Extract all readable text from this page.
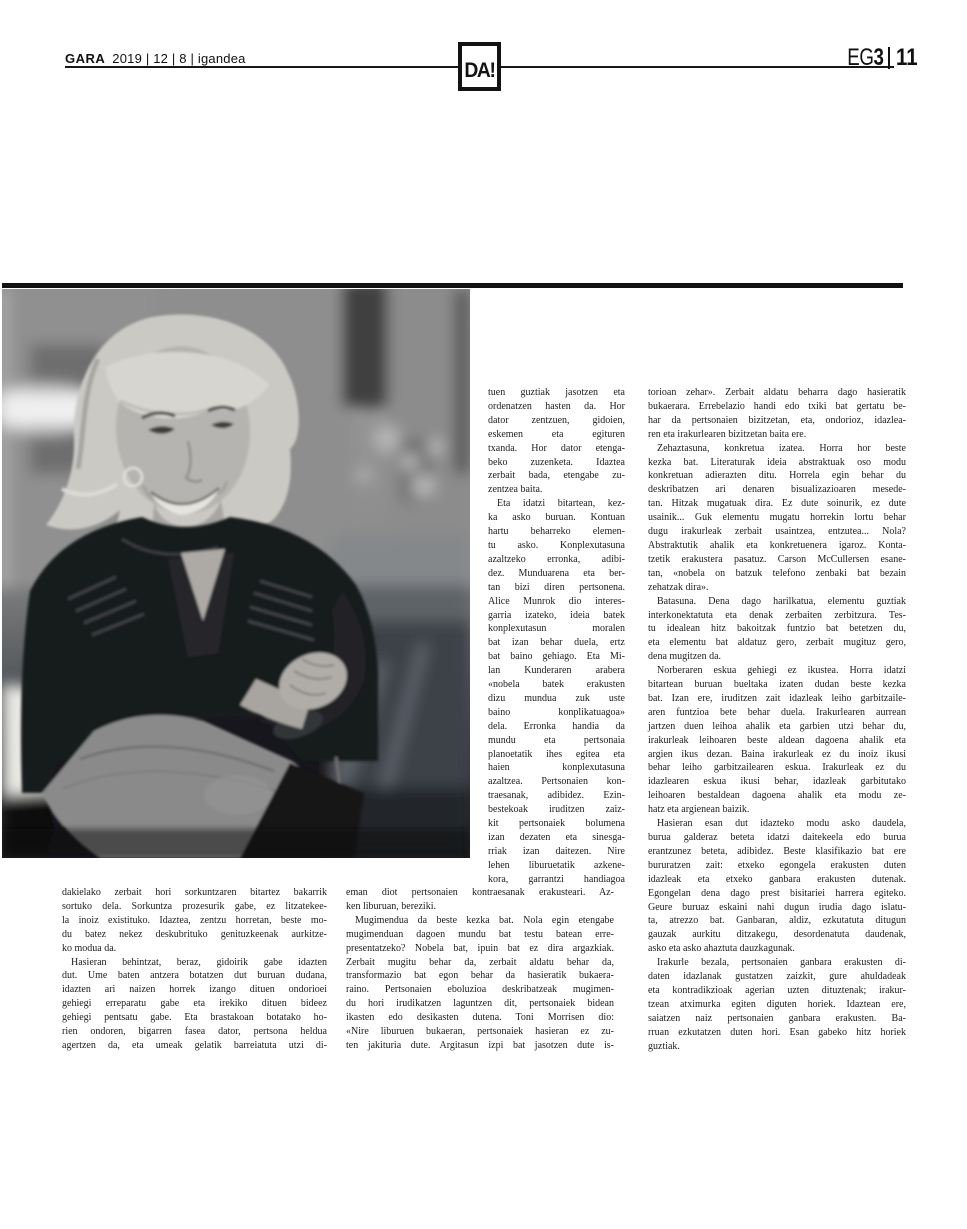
GARA 2019 | 12 | 8 | igandea
DA!	EG3 11
dakielako zerbait hori sorkuntzaren bitartez bakarrik
sortuko dela. Sorkuntza prozesurik gabe, ez litzatekee-
la inoiz existituko. Idaztea, zentzu horretan, beste mo-
du batez nekez deskubrituko genituzkeenak aurkitze-
ko modua da.
Hasieran behintzat, beraz, gidoirik gabe idazten
dut. Ume baten antzera botatzen dut buruan dudana,
idazten ari naizen horrek izango dituen ondorioei
gehiegi erreparatu gabe eta irekiko dituen bideez
gehiegi pentsatu gabe. Eta brastakoan botatako ho-
rien ondoren, bigarren fasea dator, pertsona heldua
agertzen da, eta umeak gelatik barreiatuta utzi di-
tuen guztiak jasotzen eta
ordenatzen hasten da. Hor
dator zentzuen, gidoien,
eskemen eta egituren
txanda. Hor dator etenga-
beko zuzenketa. Idaztea
zerbait bada, etengabe zu-
zentzea baita.
Eta idatzi bitartean, kez-
ka asko buruan. Kontuan
hartu beharreko elemen-
tu asko. Konplexutasuna
azaltzeko erronka, adibi-
dez. Munduarena eta ber-
tan bizi diren pertsonena.
Alice Munrok dio interes-
garria izateko, ideia batek
konplexutasun moralen
bat izan behar duela, ertz
bat baino gehiago. Eta Mi-
lan Kunderaren arabera
«nobela batek erakusten
dizu mundua zuk uste
baino konplikatuagoa»
dela. Erronka handia da
mundu eta pertsonaia
planoetatik ihes egitea eta
haien konplexutasuna
azaltzea. Pertsonaien kon-
traesanak, adibidez. Ezin-
bestekoak iruditzen zaiz-
kit pertsonaiek bolumena
izan dezaten eta sinesga-
rriak izan daitezen. Nire
lehen liburuetatik azkene-
kora, garrantzi handiagoa
eman diot pertsonaien kontraesanak erakusteari. Az-
ken liburuan, bereziki.
Mugimendua da beste kezka bat. Nola egin etengabe
mugimenduan dagoen mundu bat testu batean erre-
presentatzeko? Nobela bat, ipuin bat ez dira argazkiak.
Zerbait mugitu behar da, zerbait aldatu behar da,
transformazio bat egon behar da hasieratik bukaera-
raino. Pertsonaien eboluzioa deskribatzeak mugimen-
du hori irudikatzen laguntzen dit, pertsonaiek bidean
ikasten edo desikasten dutena. Toni Morrisen dio:
«Nire liburuen bukaeran, pertsonaiek hasieran ez zu-
ten jakituria dute. Argitasun izpi bat jasotzen dute is-
torioan zehar». Zerbait aldatu beharra dago hasieratik
bukaerara. Errebelazio handi edo txiki bat gertatu be-
har da pertsonaien bizitzetan, eta, ondorioz, idazlea-
ren eta irakurlearen bizitzetan baita ere.
Zehaztasuna, konkretua izatea. Horra hor beste
kezka bat. Literaturak ideia abstraktuak oso modu
konkretuan adierazten ditu. Horrela egin behar du
deskribatzen ari denaren bisualizazioaren mesede-
tan. Hitzak mugatuak dira. Ez dute soinurik, ez dute
usainik... Guk elementu mugatu horrekin lortu behar
dugu irakurleak zerbait usaintzea, entzutea... Nola?
Abstraktutik ahalik eta konkretuenera igaroz. Konta-
tzetik erakustera pasatuz. Carson McCullersen esane-
tan, «nobela on batzuk telefono zenbaki bat bezain
zehatzak dira».
Batasuna. Dena dago harilkatua, elementu guztiak
interkonektatuta eta denak zerbaiten zerbitzura. Tes-
tu idealean hitz bakoitzak funtzio bat betetzen du,
eta elementu bat aldatuz gero, zerbait mugituz gero,
dena mugitzen da.
Norberaren eskua gehiegi ez ikustea. Horra idatzi
bitartean buruan bueltaka izaten dudan beste kezka
bat. Izan ere, iruditzen zait idazleak leiho garbitzaile-
aren funtzioa bete behar duela. Irakurlearen aurrean
jartzen duen leihoa ahalik eta garbien utzi behar du,
irakurleak leihoaren beste aldean dagoena ahalik eta
argien ikus dezan. Baina irakurleak ez du inoiz ikusi
behar leiho garbitzailearen eskua. Irakurleak ez du
idazlearen eskua ikusi behar, idazleak garbitutako
leihoaren bestaldean dagoena ahalik eta modu ze-
hatz eta argienean baizik.
Hasieran esan dut idazteko modu asko daudela,
burua galderaz beteta idatzi daitekeela edo burua
erantzunez beteta, adibidez. Beste klasifikazio bat ere
bururatzen zait: etxeko egongela erakusten duten
idazleak eta etxeko ganbara erakusten dutenak.
Egongelan dena dago prest bisitariei harrera egiteko.
Geure buruaz eskaini nahi dugun irudia dago islatu-
ta, atrezzo bat. Ganbaran, aldiz, ezkutatuta ditugun
gauzak aurkitu ditzakegu, desordenatuta daudenak,
asko eta asko ahaztuta dauzkagunak.
Irakurle bezala, pertsonaien ganbara erakusten di-
daten idazlanak gustatzen zaizkit, gure ahuldadeak
eta kontradikzioak agerian uzten dituztenak; irakur-
tzean atximurka egiten diguten horiek. Idaztean ere,
saiatzen naiz pertsonaien ganbara erakusten. Ba-
rruan ezkutatzen duten hori. Esan gabeko hitz horiek
guztiak.
